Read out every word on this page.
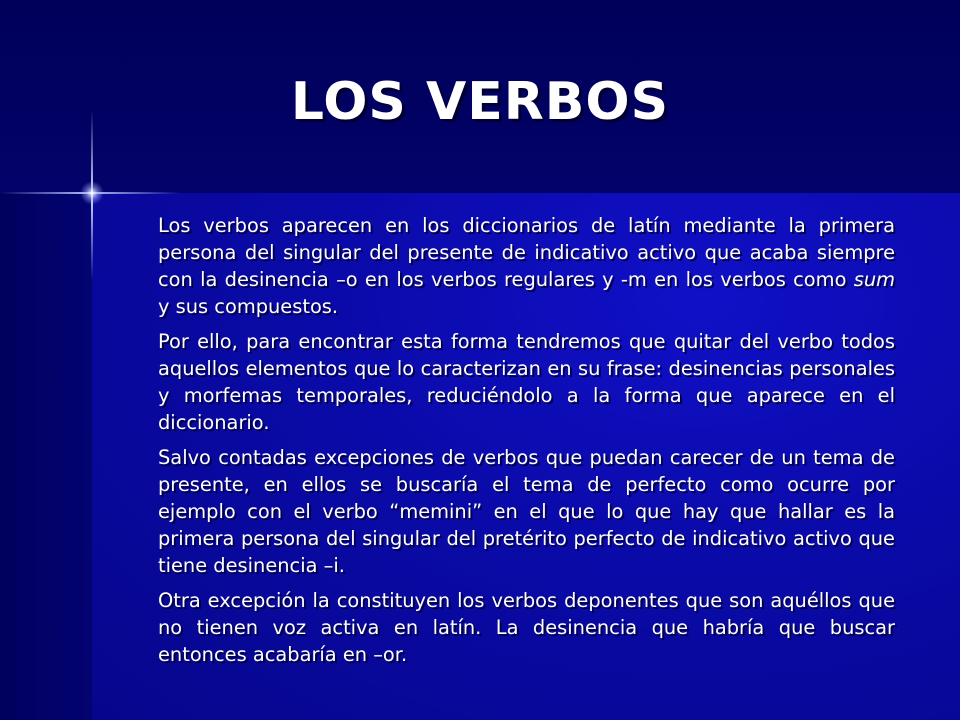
LOS VERBOS

Los verbos aparecen en los diccionarios de latín mediante la primera persona del singular del presente de indicativo activo que acaba siempre con la desinencia –o en los verbos regulares y -m en los verbos como sum y sus compuestos.

Por ello, para encontrar esta forma tendremos que quitar del verbo todos aquellos elementos que lo caracterizan en su frase: desinencias personales y morfemas temporales, reduciéndolo a la forma que aparece en el diccionario.

Salvo contadas excepciones de verbos que puedan carecer de un tema de presente, en ellos se buscaría el tema de perfecto como ocurre por ejemplo con el verbo “memini” en el que lo que hay que hallar es la primera persona del singular del pretérito perfecto de indicativo activo que tiene desinencia –i.

Otra excepción la constituyen los verbos deponentes que son aquéllos que no tienen voz activa en latín. La desinencia que habría que buscar entonces acabaría en –or.
